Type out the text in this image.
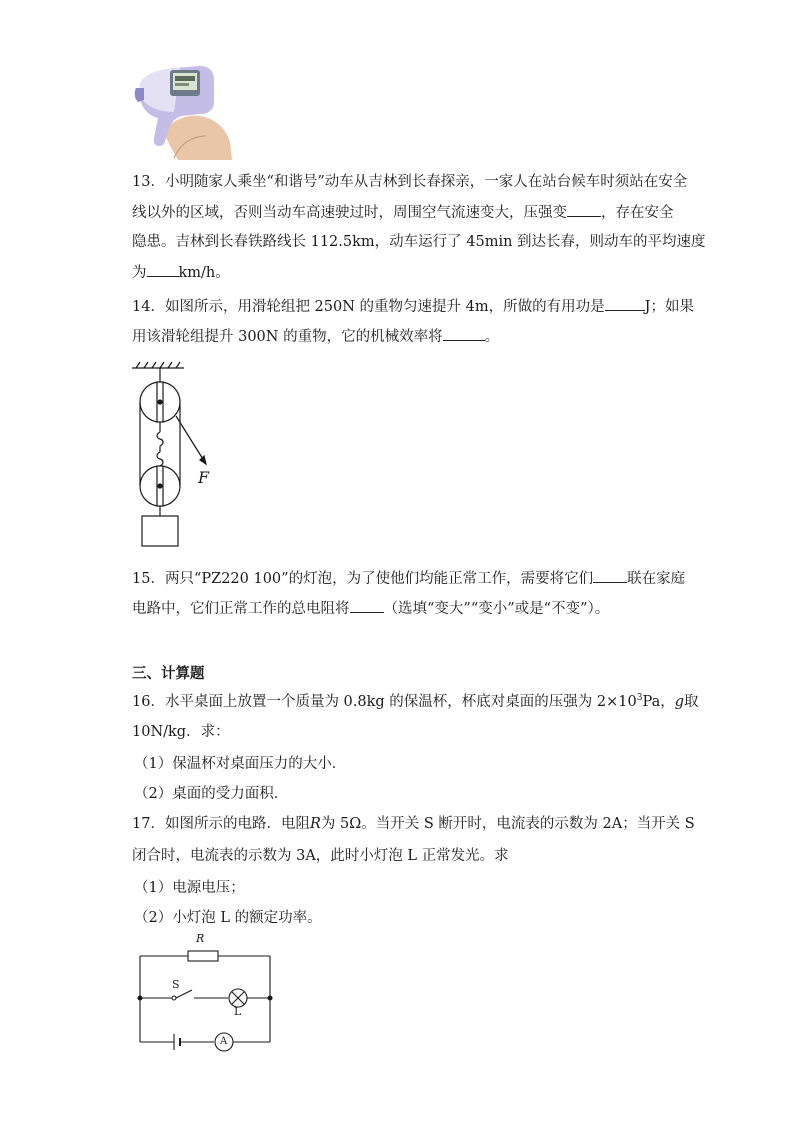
13．小明随家人乘坐“和谐号”动车从吉林到长春探亲，一家人在站台候车时须站在安全
线以外的区域，否则当动车高速驶过时，周围空气流速变大，压强变 ，存在安全
隐患。吉林到长春铁路线长 112.5km，动车运行了 45min 到达长春，则动车的平均速度
为 km/h。
14．如图所示，用滑轮组把 250N 的重物匀速提升 4m，所做的有用功是	J；如果
用该滑轮组提升 300N 的重物，它的机械效率将	。
F
15．两只“PZ220 100”的灯泡，为了使他们均能正常工作，需要将它们 联在家庭
电路中，它们正常工作的总电阻将 （选填“变大”“变小”或是“不变”）。
三、计算题
16．水平桌面上放置一个质量为 0.8kg 的保温杯，杯底对桌面的压强为 $2\times 10^3Pa$，g取
10N/kg．求：
（1）保温杯对桌面压力的大小．
（2）桌面的受力面积．
17．如图所示的电路．电阻R为 5Ω。当开关 S 断开时，电流表的示数为 2A；当开关 S
闭合时，电流表的示数为 3A，此时小灯泡 L 正常发光。求
（1）电源电压；
（2）小灯泡 L 的额定功率。
R
S
L
A
